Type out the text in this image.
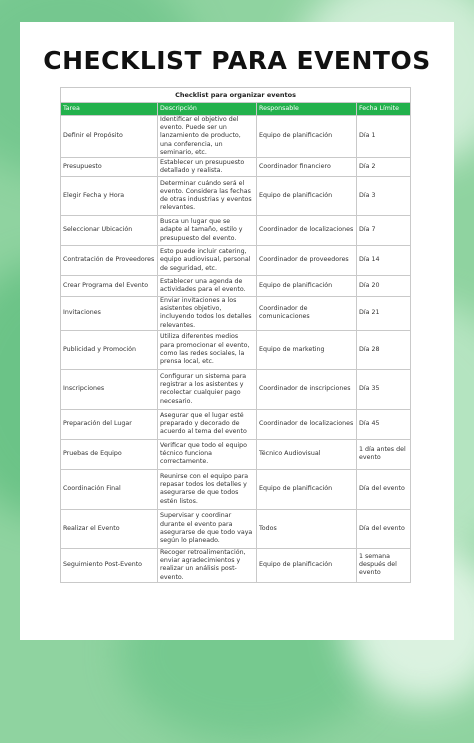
CHECKLIST PARA EVENTOS
Checklist para organizar eventos			
Tarea	Descripción	Responsable	Fecha Límite
Definir el Propósito	Identificar el objetivo del evento. Puede ser un lanzamiento de producto, una conferencia, un seminario, etc.	Equipo de planificación	Día 1
Presupuesto	Establecer un presupuesto detallado y realista.	Coordinador financiero	Día 2
Elegir Fecha y Hora	Determinar cuándo será el evento. Considera las fechas de otras industrias y eventos relevantes.	Equipo de planificación	Día 3
Seleccionar Ubicación	Busca un lugar que se adapte al tamaño, estilo y presupuesto del evento.	Coordinador de localizaciones	Día 7
Contratación de Proveedores	Esto puede incluir catering, equipo audiovisual, personal de seguridad, etc.	Coordinador de proveedores	Día 14
Crear Programa del Evento	Establecer una agenda de actividades para el evento.	Equipo de planificación	Día 20
Invitaciones	Enviar invitaciones a los asistentes objetivo, incluyendo todos los detalles relevantes.	Coordinador de comunicaciones	Día 21
Publicidad y Promoción	Utiliza diferentes medios para promocionar el evento, como las redes sociales, la prensa local, etc.	Equipo de marketing	Día 28
Inscripciones	Configurar un sistema para registrar a los asistentes y recolectar cualquier pago necesario.	Coordinador de inscripciones	Día 35
Preparación del Lugar	Asegurar que el lugar esté preparado y decorado de acuerdo al tema del evento	Coordinador de localizaciones	Día 45
Pruebas de Equipo	Verificar que todo el equipo técnico funciona correctamente.	Técnico Audiovisual	1 día antes del evento
Coordinación Final	Reunirse con el equipo para repasar todos los detalles y asegurarse de que todos estén listos.	Equipo de planificación	Día del evento
Realizar el Evento	Supervisar y coordinar durante el evento para asegurarse de que todo vaya según lo planeado.	Todos	Día del evento
Seguimiento Post-Evento	Recoger retroalimentación, enviar agradecimientos y realizar un análisis post-evento.	Equipo de planificación	1 semana después del evento
